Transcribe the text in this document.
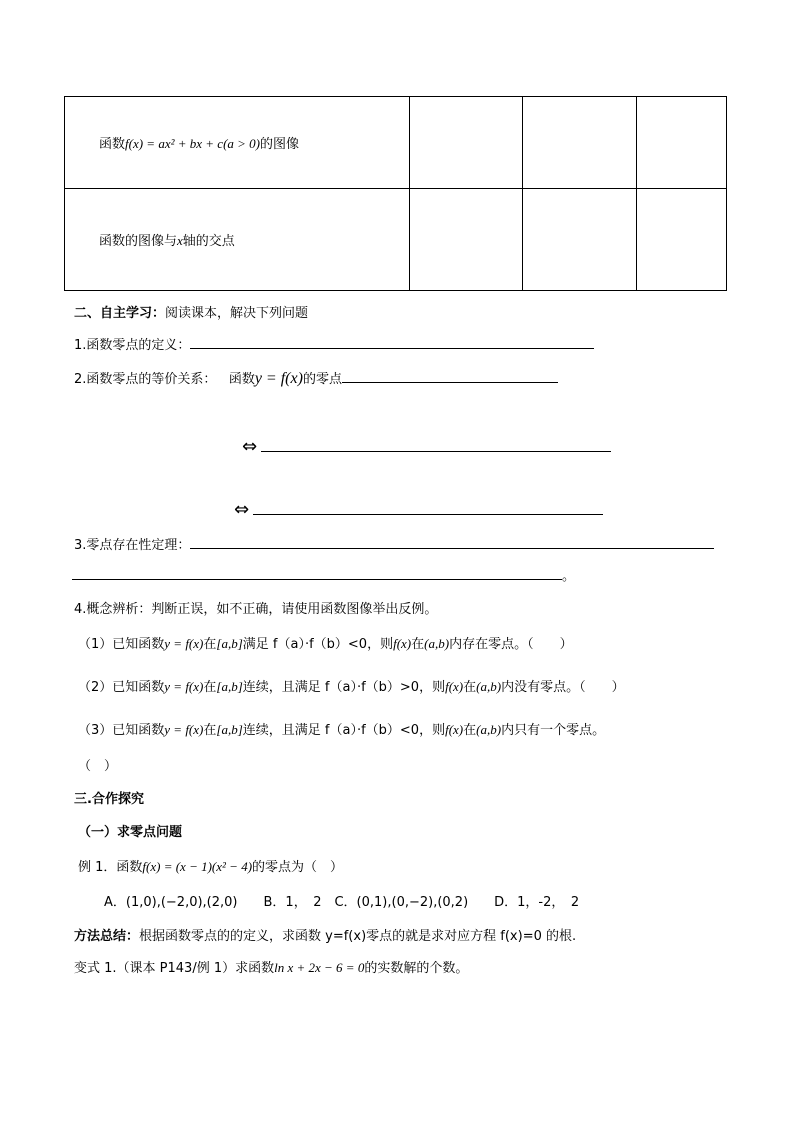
函数f(x) = ax² + bx + c(a > 0)的图像			
函数的图像与x轴的交点			
二、自主学习：阅读课本，解决下列问题
1.函数零点的定义：
2.函数零点的等价关系： 函数y = f(x)的零点
⇔
⇔
3.零点存在性定理：
。
4.概念辨析：判断正误，如不正确，请使用函数图像举出反例。
（1）已知函数y = f(x)在[a,b]满足 f（a）·f（b）<0，则f(x)在(a,b)内存在零点。（　　）
（2）已知函数y = f(x)在[a,b]连续，且满足 f（a）·f（b）>0，则f(x)在(a,b)内没有零点。（　　）
（3）已知函数y = f(x)在[a,b]连续，且满足 f（a）·f（b）<0，则f(x)在(a,b)内只有一个零点。
（　）
三.合作探究
（一）求零点问题
例 1．函数f(x) = (x − 1)(x² − 4)的零点为（　）
A．(1,0),(−2,0),(2,0)　　B．1，　2　C．(0,1),(0,−2),(0,2)　　D．1，-2，　2
方法总结：根据函数零点的的定义，求函数 y=f(x)零点的就是求对应方程 f(x)=0 的根.
变式 1.（课本 P143/例 1）求函数ln x + 2x − 6 = 0的实数解的个数。
